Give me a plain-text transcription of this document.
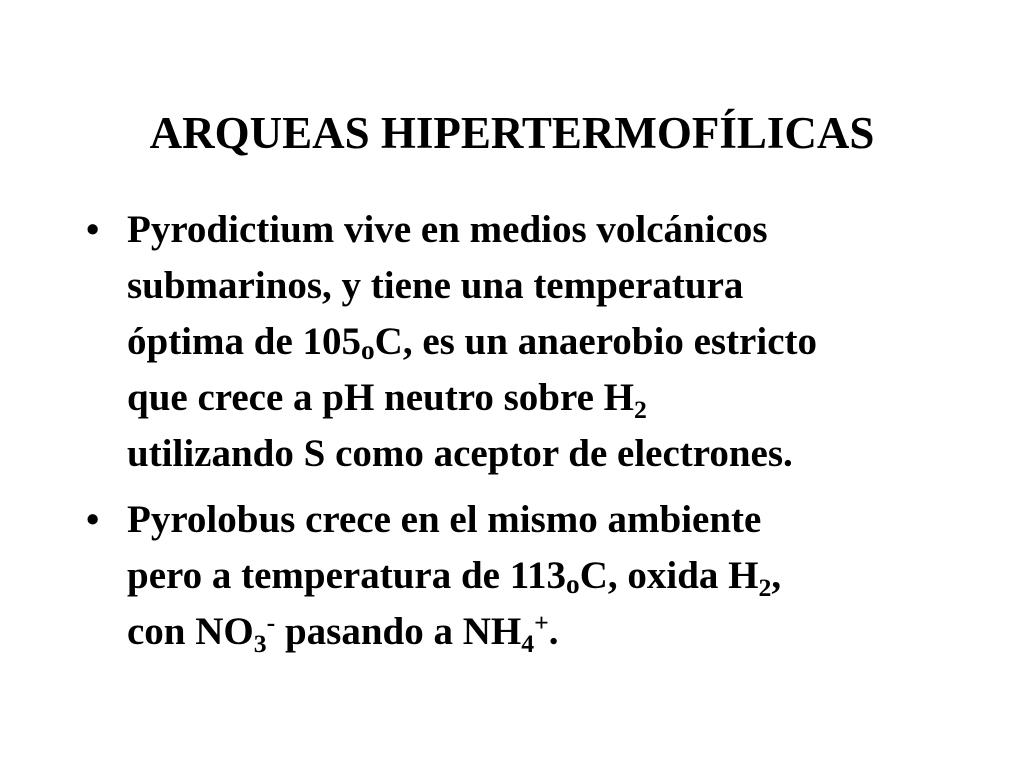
ARQUEAS HIPERTERMOFÍLICAS
• Pyrodictium vive en medios volcánicos
submarinos, y tiene una temperatura
óptima de $105_oC$, es un anaerobio estricto
que crece a pH neutro sobre $H_2$
utilizando S como aceptor de electrones.
• Pyrolobus crece en el mismo ambiente
pero a temperatura de $113_oC$, oxida $H_2$,
con $NO_3^-$ pasando a $NH_4^+$.
